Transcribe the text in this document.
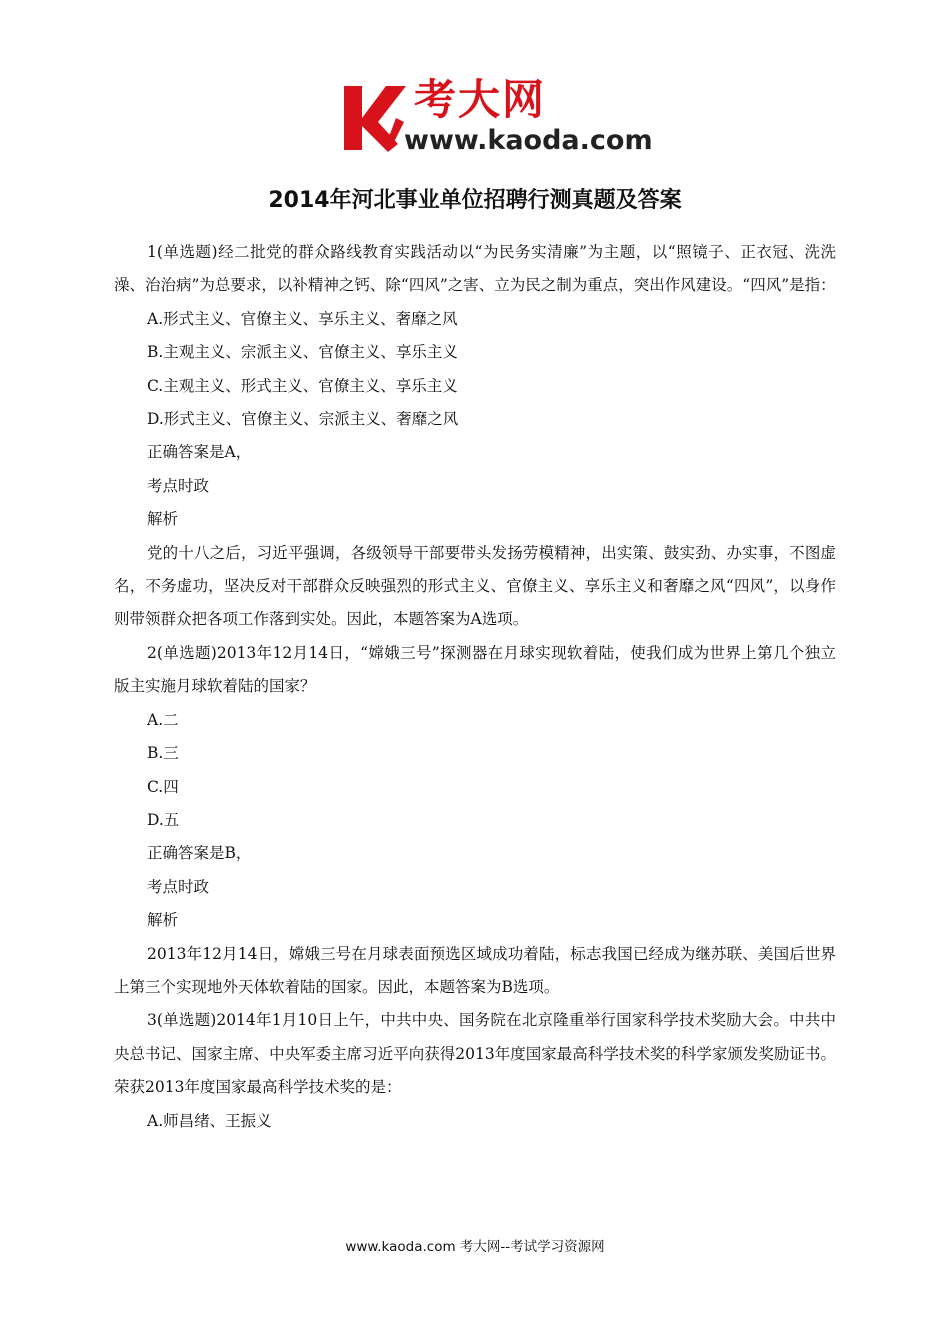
考大网
www.kaoda.com
2014年河北事业单位招聘行测真题及答案

1(单选题)经二批党的群众路线教育实践活动以“为民务实清廉”为主题，以“照镜子、正衣冠、洗洗澡、治治病”为总要求，以补精神之钙、除“四风”之害、立为民之制为重点，突出作风建设。“四风”是指：

A.形式主义、官僚主义、享乐主义、奢靡之风

B.主观主义、宗派主义、官僚主义、享乐主义

C.主观主义、形式主义、官僚主义、享乐主义

D.形式主义、官僚主义、宗派主义、奢靡之风

正确答案是A，

考点时政

解析

党的十八之后，习近平强调，各级领导干部要带头发扬劳模精神，出实策、鼓实劲、办实事，不图虚名，不务虚功，坚决反对干部群众反映强烈的形式主义、官僚主义、享乐主义和奢靡之风“四风”，以身作则带领群众把各项工作落到实处。因此，本题答案为A选项。

2(单选题)2013年12月14日，“嫦娥三号”探测器在月球实现软着陆，使我们成为世界上第几个独立版主实施月球软着陆的国家？

A.二

B.三

C.四

D.五

正确答案是B，

考点时政

解析

2013年12月14日，嫦娥三号在月球表面预选区域成功着陆，标志我国已经成为继苏联、美国后世界上第三个实现地外天体软着陆的国家。因此，本题答案为B选项。

3(单选题)2014年1月10日上午，中共中央、国务院在北京隆重举行国家科学技术奖励大会。中共中央总书记、国家主席、中央军委主席习近平向获得2013年度国家最高科学技术奖的科学家颁发奖励证书。荣获2013年度国家最高科学技术奖的是：

A.师昌绪、王振义

www.kaoda.com 考大网--考试学习资源网
